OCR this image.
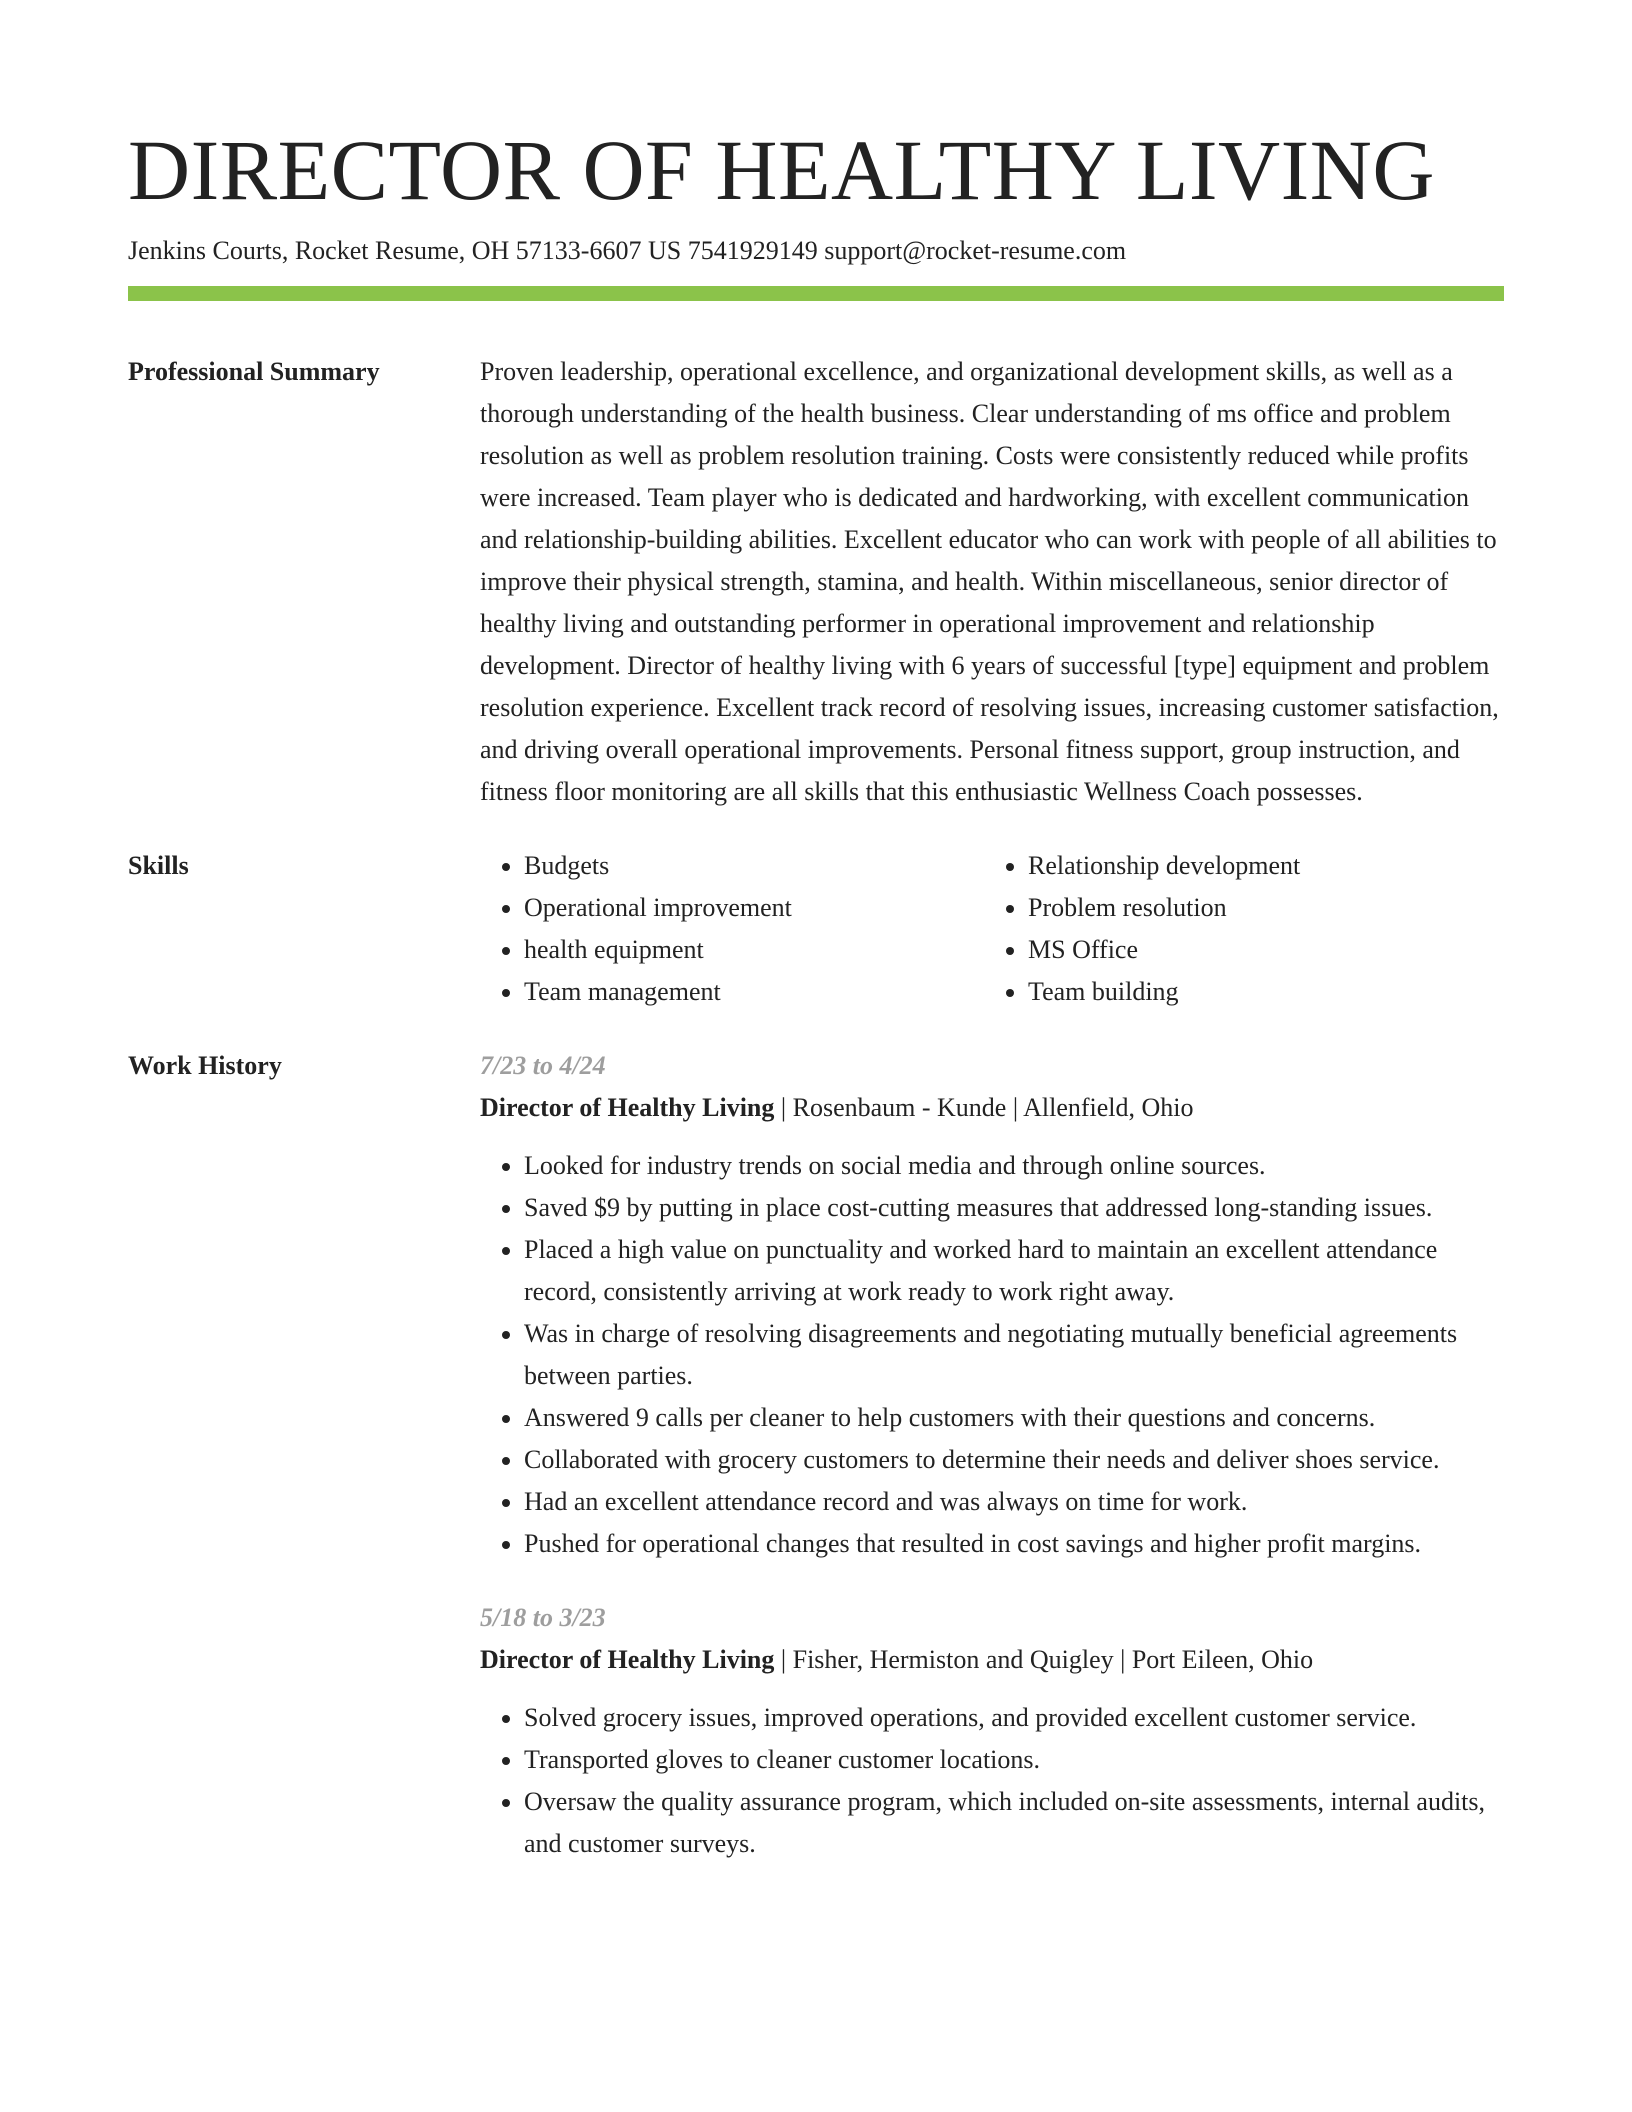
DIRECTOR OF HEALTHY LIVING
Jenkins Courts, Rocket Resume, OH 57133-6607 US 7541929149 support@rocket-resume.com
Professional Summary	Proven leadership, operational excellence, and organizational development skills, as well as a thorough understanding of the health business. Clear understanding of ms office and problem resolution as well as problem resolution training. Costs were consistently reduced while profits were increased. Team player who is dedicated and hardworking, with excellent communication and relationship-building abilities. Excellent educator who can work with people of all abilities to improve their physical strength, stamina, and health. Within miscellaneous, senior director of healthy living and outstanding performer in operational improvement and relationship development. Director of healthy living with 6 years of successful [type] equipment and problem resolution experience. Excellent track record of resolving issues, increasing customer satisfaction, and driving overall operational improvements. Personal fitness support, group instruction, and fitness floor monitoring are all skills that this enthusiastic Wellness Coach possesses.
Skills
•	Budgets
• Operational improvement
• health equipment
• Team management
• Relationship development
• Problem resolution
• MS Office
• Team building
Work History	7/23 to 4/24
Director of Healthy Living | Rosenbaum - Kunde | Allenfield, Ohio
• Looked for industry trends on social media and through online sources.
• Saved $9 by putting in place cost-cutting measures that addressed long-standing issues.
• Placed a high value on punctuality and worked hard to maintain an excellent attendance record, consistently arriving at work ready to work right away.
• Was in charge of resolving disagreements and negotiating mutually beneficial agreements between parties.
• Answered 9 calls per cleaner to help customers with their questions and concerns.
• Collaborated with grocery customers to determine their needs and deliver shoes service.
• Had an excellent attendance record and was always on time for work.
• Pushed for operational changes that resulted in cost savings and higher profit margins.
5/18 to 3/23
Director of Healthy Living | Fisher, Hermiston and Quigley | Port Eileen, Ohio
• Solved grocery issues, improved operations, and provided excellent customer service.
• Transported gloves to cleaner customer locations.
• Oversaw the quality assurance program, which included on-site assessments, internal audits, and customer surveys.
